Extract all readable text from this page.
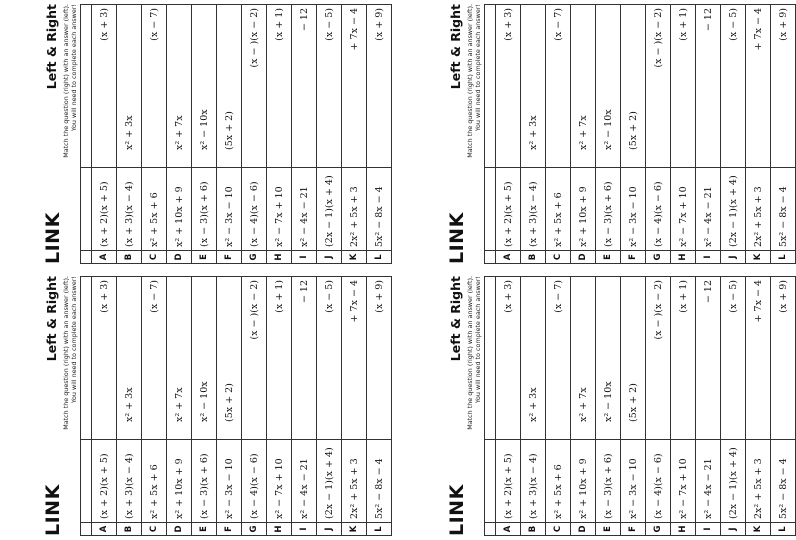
LINK
Left & Right Match the question (right) with an answer (left). You will need to complete each answer!

A	(x + 2)(x + 5)	(x + 3)

B	(x + 3)(x − 4)	x² + 3x

C	x² + 5x + 6	(x − 7)

D	x² + 10x + 9	x² + 7x

E	(x − 3)(x + 6)	x² − 10x

F	x² − 3x − 10	(5x + 2)

G	(x − 4)(x − 6)	(x − )(x − 2)

H	x² − 7x + 10	(x + 1)

I	x² − 4x − 21	− 12

J	(2x − 1)(x + 4)	(x − 5)

K	2x² + 5x + 3	+ 7x − 4

L	5x² − 8x − 4	(x + 9)
LINK
Left & Right Match the question (right) with an answer (left). You will need to complete each answer!

A	(x + 2)(x + 5)	(x + 3)

B	(x + 3)(x − 4)	x² + 3x

C	x² + 5x + 6	(x − 7)

D	x² + 10x + 9	x² + 7x

E	(x − 3)(x + 6)	x² − 10x

F	x² − 3x − 10	(5x + 2)

G	(x − 4)(x − 6)	(x − )(x − 2)

H	x² − 7x + 10	(x + 1)

I	x² − 4x − 21	− 12

J	(2x − 1)(x + 4)	(x − 5)

K	2x² + 5x + 3	+ 7x − 4

L	5x² − 8x − 4	(x + 9)
LINK
Left & Right Match the question (right) with an answer (left). You will need to complete each answer!

A	(x + 2)(x + 5)	(x + 3)

B	(x + 3)(x − 4)	x² + 3x

C	x² + 5x + 6	(x − 7)

D	x² + 10x + 9	x² + 7x

E	(x − 3)(x + 6)	x² − 10x

F	x² − 3x − 10	(5x + 2)

G	(x − 4)(x − 6)	(x − )(x − 2)

H	x² − 7x + 10	(x + 1)

I	x² − 4x − 21	− 12

J	(2x − 1)(x + 4)	(x − 5)

K	2x² + 5x + 3	+ 7x − 4

L	5x² − 8x − 4	(x + 9)
LINK
Left & Right Match the question (right) with an answer (left). You will need to complete each answer!

A	(x + 2)(x + 5)	(x + 3)

B	(x + 3)(x − 4)	x² + 3x

C	x² + 5x + 6	(x − 7)

D	x² + 10x + 9	x² + 7x

E	(x − 3)(x + 6)	x² − 10x

F	x² − 3x − 10	(5x + 2)

G	(x − 4)(x − 6)	(x − )(x − 2)

H	x² − 7x + 10	(x + 1)

I	x² − 4x − 21	− 12

J	(2x − 1)(x + 4)	(x − 5)

K	2x² + 5x + 3	+ 7x − 4

L	5x² − 8x − 4	(x + 9)
